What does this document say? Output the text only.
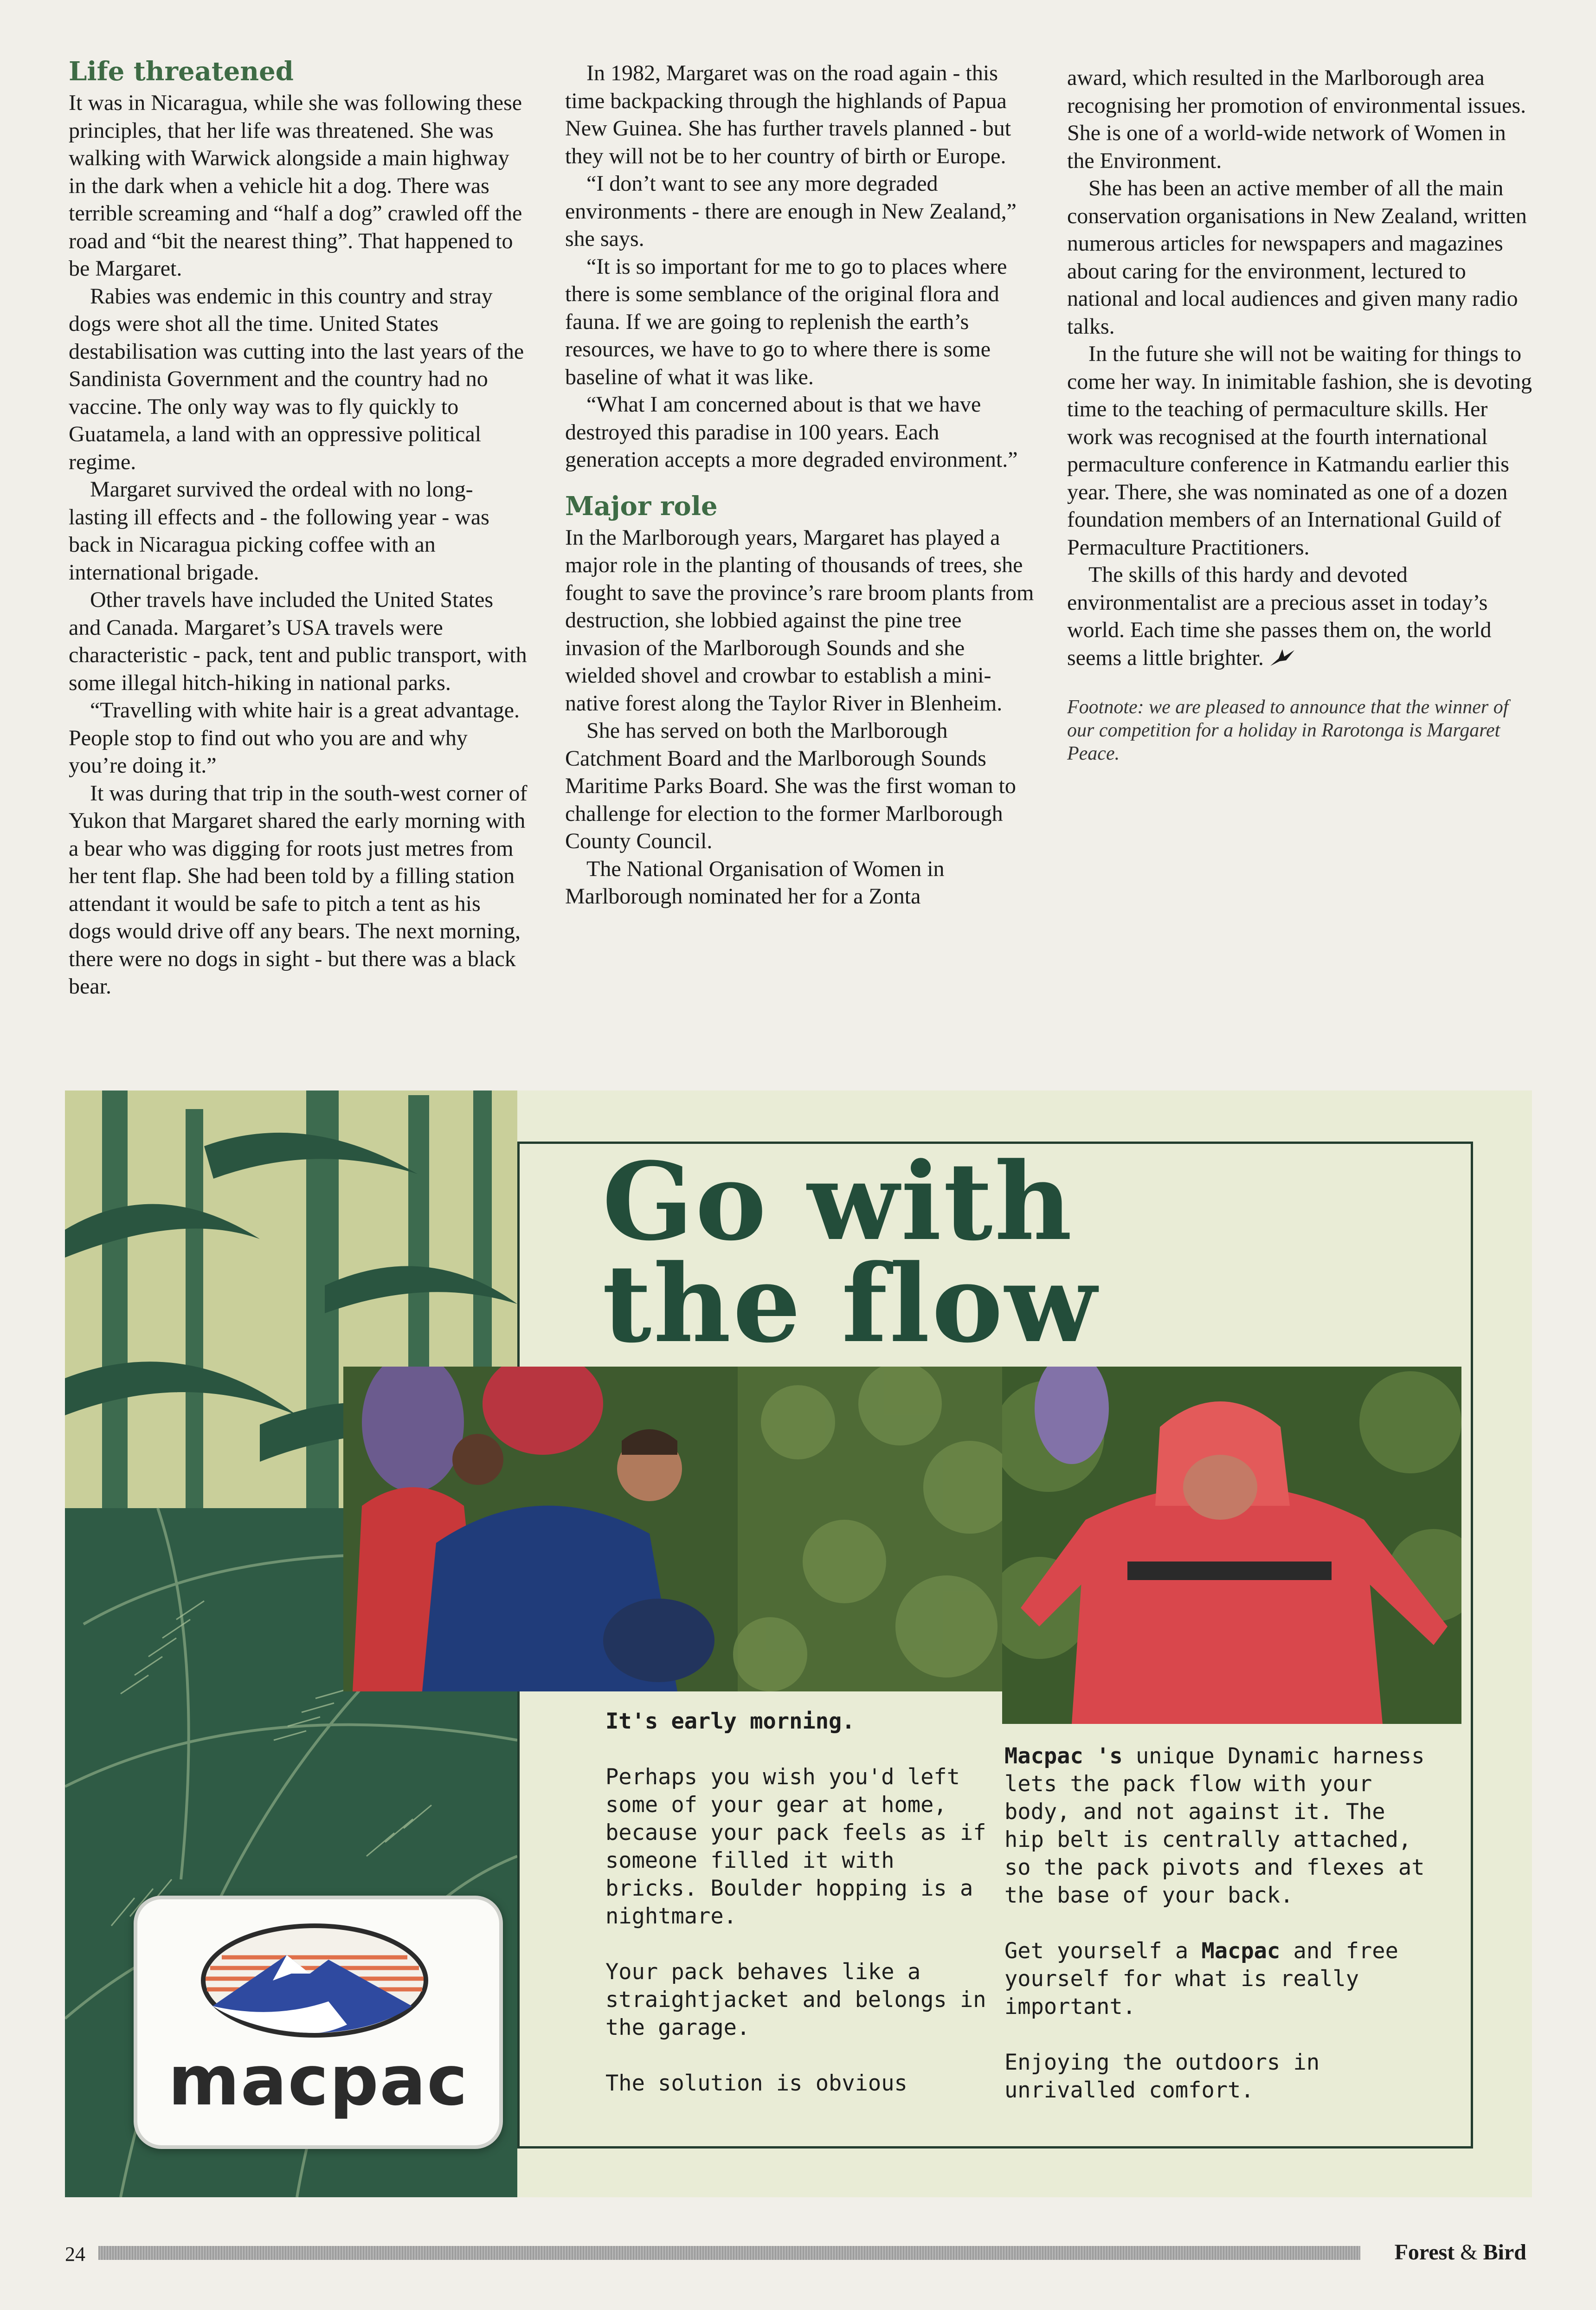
Life threatened

It was in Nicaragua, while she was following these principles, that her life was threatened. She was walking with Warwick alongside a main highway in the dark when a vehicle hit a dog. There was terrible screaming and “half a dog” crawled off the road and “bit the nearest thing”. That happened to be Margaret.

Rabies was endemic in this country and stray dogs were shot all the time. United States destabilisation was cutting into the last years of the Sandinista Government and the country had no vaccine. The only way was to fly quickly to Guatamela, a land with an oppressive political regime.

Margaret survived the ordeal with no long-lasting ill effects and - the following year - was back in Nicaragua picking coffee with an international brigade.

Other travels have included the United States and Canada. Margaret’s USA travels were characteristic - pack, tent and public transport, with some illegal hitch-hiking in national parks.

“Travelling with white hair is a great advantage. People stop to find out who you are and why you’re doing it.”

It was during that trip in the south-west corner of Yukon that Margaret shared the early morning with a bear who was digging for roots just metres from her tent flap. She had been told by a filling station attendant it would be safe to pitch a tent as his dogs would drive off any bears. The next morning, there were no dogs in sight - but there was a black bear.

In 1982, Margaret was on the road again - this time backpacking through the highlands of Papua New Guinea. She has further travels planned - but they will not be to her country of birth or Europe.

“I don’t want to see any more degraded environments - there are enough in New Zealand,” she says.

“It is so important for me to go to places where there is some semblance of the original flora and fauna. If we are going to replenish the earth’s resources, we have to go to where there is some baseline of what it was like.

“What I am concerned about is that we have destroyed this paradise in 100 years. Each generation accepts a more degraded environment.”

Major role

In the Marlborough years, Margaret has played a major role in the planting of thousands of trees, she fought to save the province’s rare broom plants from destruction, she lobbied against the pine tree invasion of the Marlborough Sounds and she wielded shovel and crowbar to establish a mini-native forest along the Taylor River in Blenheim.

She has served on both the Marlborough Catchment Board and the Marlborough Sounds Maritime Parks Board. She was the first woman to challenge for election to the former Marlborough County Council.

The National Organisation of Women in Marlborough nominated her for a Zonta

award, which resulted in the Marlborough area recognising her promotion of environmental issues. She is one of a world-wide network of Women in the Environment.

She has been an active member of all the main conservation organisations in New Zealand, written numerous articles for newspapers and magazines about caring for the environment, lectured to national and local audiences and given many radio talks.

In the future she will not be waiting for things to come her way. In inimitable fashion, she is devoting time to the teaching of permaculture skills. Her work was recognised at the fourth international permaculture conference in Katmandu earlier this year. There, she was nominated as one of a dozen foundation members of an International Guild of Permaculture Practitioners.

The skills of this hardy and devoted environmentalist are a precious asset in today’s world. Each time she passes them on, the world seems a little brighter.

Footnote: we are pleased to announce that the winner of our competition for a holiday in Rarotonga is Margaret Peace.

Go with
the flow

It's early morning.

Perhaps you wish you'd left some of your gear at home, because your pack feels as if someone filled it with bricks. Boulder hopping is a nightmare.

Your pack behaves like a straightjacket and belongs in the garage.

The solution is obvious

Macpac 's unique Dynamic harness lets the pack flow with your body, and not against it. The hip belt is centrally attached, so the pack pivots and flexes at the base of your back.

Get yourself a Macpac and free yourself for what is really important.

Enjoying the outdoors in unrivalled comfort.

macpac
24	Forest & Bird
